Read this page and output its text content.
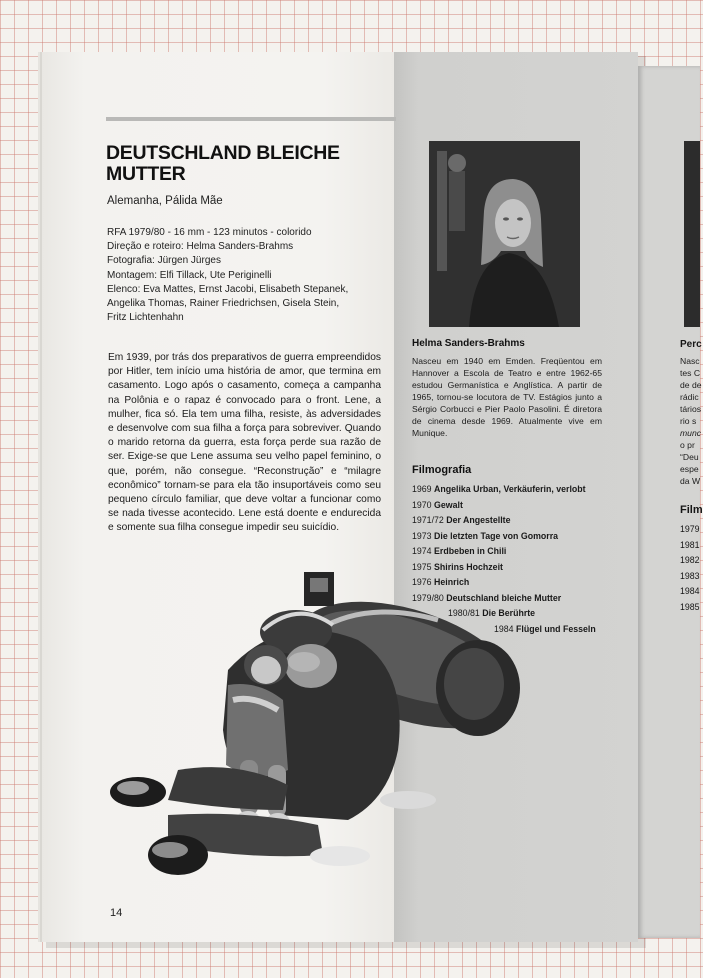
DEUTSCHLAND BLEICHE MUTTER
Alemanha, Pálida Mãe
RFA 1979/80 - 16 mm - 123 minutos - colorido
Direção e roteiro: Helma Sanders-Brahms
Fotografia: Jürgen Jürges
Montagem: Elfi Tillack, Ute Periginelli
Elenco: Eva Mattes, Ernst Jacobi, Elisabeth Stepanek,
Angelika Thomas, Rainer Friedrichsen, Gisela Stein,
Fritz Lichtenhahn

Em 1939, por trás dos preparativos de guerra empreendidos por Hitler, tem início uma história de amor, que termina em casamento. Logo após o casamento, começa a campanha na Polônia e o rapaz é convocado para o front. Lene, a mulher, fica só. Ela tem uma filha, resiste, às adversidades e desenvolve com sua filha a força para sobreviver. Quando o marido retorna da guerra, esta força perde sua razão de ser. Exige-se que Lene assuma seu velho papel feminino, o que, porém, não consegue. “Reconstrução” e “milagre econômico” tornam-se para ela tão insuportáveis como seu pequeno círculo familiar, que deve voltar a funcionar como se nada tivesse acontecido. Lene está doente e endurecida e somente sua filha consegue impedir seu suicídio.

14
Helma Sanders-Brahms

Nasceu em 1940 em Emden. Freqüentou em Hannover a Escola de Teatro e entre 1962-65 estudou Germanística e Anglística. A partir de 1965, tornou-se locutora de TV. Estágios junto a Sérgio Corbucci e Pier Paolo Pasolini. É diretora de cinema desde 1969. Atualmente vive em Munique.

Filmografia
1969 Angelika Urban, Verkäuferin, verlobt
1970 Gewalt
1971/72 Der Angestellte
1973 Die letzten Tage von Gomorra
1974 Erdbeben in Chili
1975 Shirins Hochzeit
1976 Heinrich
1979/80 Deutschland bleiche Mutter
1980/81 Die Berührte
1984 Flügel und Fesseln
Perc
Nasc
tes C
de de
rádic
tários
rio s
munc
o pr
“Deu
espe
da W
Film
1979
1981
1982
1983
1984
1985
